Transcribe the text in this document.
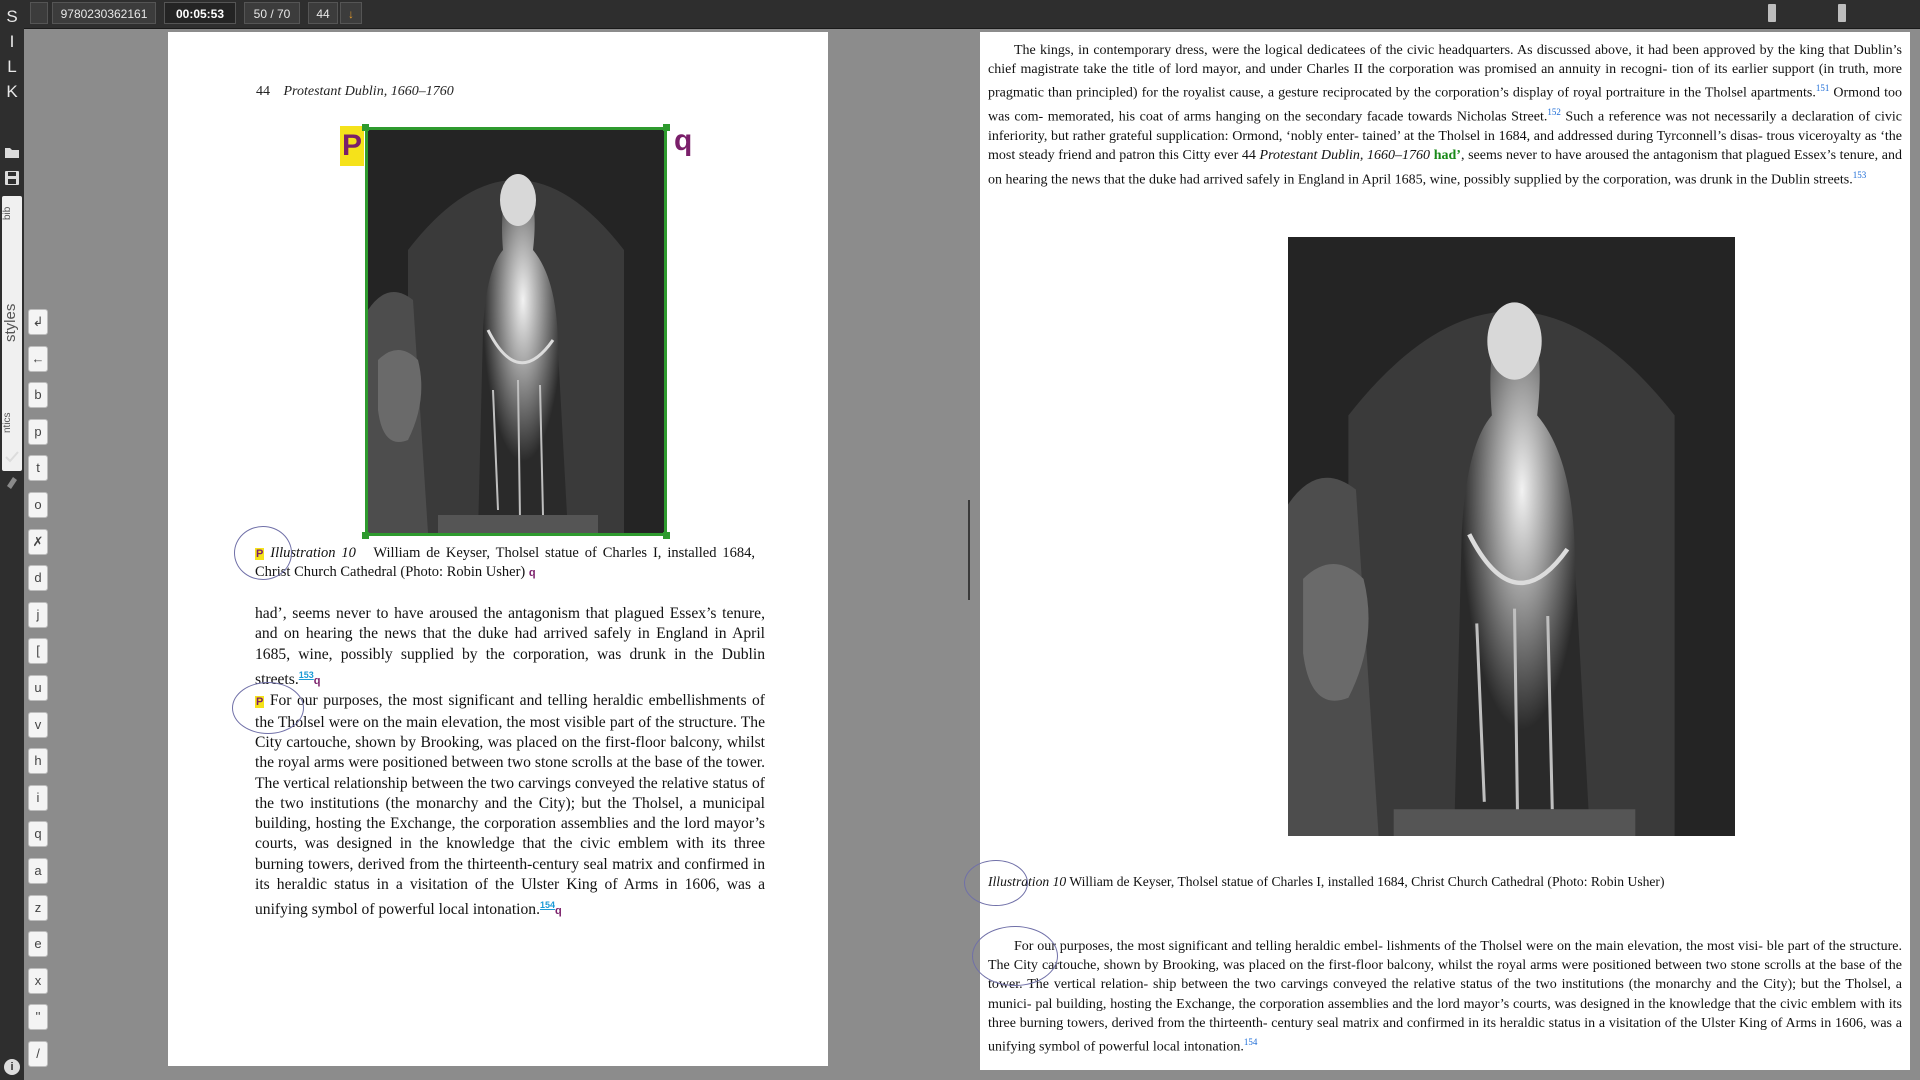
9780230362161	00:05:53	50 / 70	44	↓
S
I
L
K
bib
styles
ntics
i
↲
←
b
p
t
o
✗
d
j
[
u
v
h
i
q
a
z
e
x
''
/
44 Protestant Dublin, 1660–1760
P	q
P Illustration 10 William de Keyser, Tholsel statue of Charles I, installed 1684, Christ Church Cathedral (Photo: Robin Usher) q

had’, seems never to have aroused the antagonism that plagued Essex’s tenure, and on hearing the news that the duke had arrived safely in England in April 1685, wine, possibly supplied by the corporation, was drunk in the Dublin streets.$^{153}$q

P For our purposes, the most significant and telling heraldic embellishments of the Tholsel were on the main elevation, the most visible part of the structure. The City cartouche, shown by Brooking, was placed on the first-floor balcony, whilst the royal arms were positioned between two stone scrolls at the base of the tower. The vertical relationship between the two carvings conveyed the relative status of the two institutions (the monarchy and the City); but the Tholsel, a municipal building, hosting the Exchange, the corporation assemblies and the lord mayor’s courts, was designed in the knowledge that the civic emblem with its three burning towers, derived from the thirteenth-century seal matrix and confirmed in its heraldic status in a visitation of the Ulster King of Arms in 1606, was a unifying symbol of powerful local intonation.$^{154}$q

The kings, in contemporary dress, were the logical dedicatees of the civic headquarters. As discussed above, it had been approved by the king that Dublin’s chief magistrate take the title of lord mayor, and under Charles II the corporation was promised an annuity in recogni- tion of its earlier support (in truth, more pragmatic than principled) for the royalist cause, a gesture reciprocated by the corporation’s display of royal portraiture in the Tholsel apartments.$^{151}$ Ormond too was com- memorated, his coat of arms hanging on the secondary facade towards Nicholas Street.$^{152}$ Such a reference was not necessarily a declaration of civic inferiority, but rather grateful supplication: Ormond, ‘nobly enter- tained’ at the Tholsel in 1684, and addressed during Tyrconnell’s disas- trous viceroyalty as ‘the most steady friend and patron this Citty ever 44 Protestant Dublin, 1660–1760 had’, seems never to have aroused the antagonism that plagued Essex’s tenure, and on hearing the news that the duke had arrived safely in England in April 1685, wine, possibly supplied by the corporation, was drunk in the Dublin streets.$^{153}$

Illustration 10 William de Keyser, Tholsel statue of Charles I, installed 1684, Christ Church Cathedral (Photo: Robin Usher)

For our purposes, the most significant and telling heraldic embel- lishments of the Tholsel were on the main elevation, the most visi- ble part of the structure. The City cartouche, shown by Brooking, was placed on the first-floor balcony, whilst the royal arms were positioned between two stone scrolls at the base of the tower. The vertical relation- ship between the two carvings conveyed the relative status of the two institutions (the monarchy and the City); but the Tholsel, a munici- pal building, hosting the Exchange, the corporation assemblies and the lord mayor’s courts, was designed in the knowledge that the civic emblem with its three burning towers, derived from the thirteenth- century seal matrix and confirmed in its heraldic status in a visitation of the Ulster King of Arms in 1606, was a unifying symbol of powerful local intonation.$^{154}$
